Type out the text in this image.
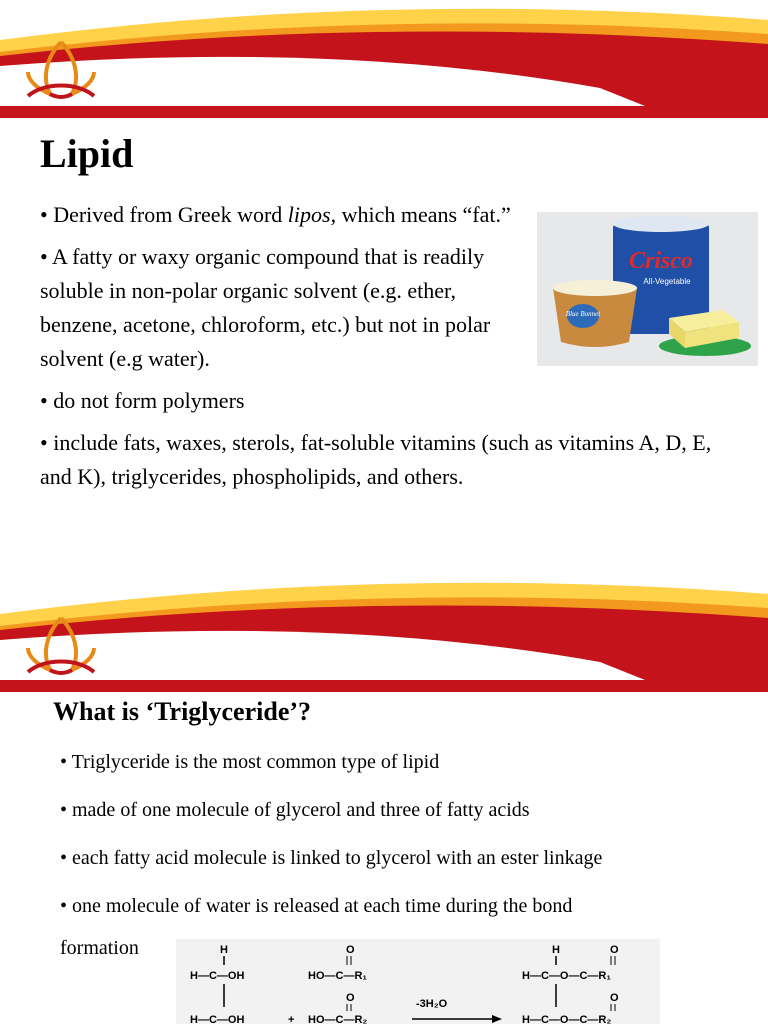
Lipid
• Derived from Greek word lipos, which means “fat.”
• A fatty or waxy organic compound that is readily soluble in non-polar organic solvent (e.g. ether, benzene, acetone, chloroform, etc.) but not in polar solvent (e.g water).
• do not form polymers
• include fats, waxes, sterols, fat-soluble vitamins (such as vitamins A, D, E, and K), triglycerides, phospholipids, and others.
Crisco
All-Vegetable
Blue Bonnet
What is ‘Triglyceride’?
• Triglyceride is the most common type of lipid
• made of one molecule of glycerol and three of fatty acids
• each fatty acid molecule is linked to glycerol with an ester linkage
• one molecule of water is released at each time during the bond
formation	H
H—C—OH
H—C—OH	+
O
HO—C—R₁
O
HO—C—R₂
-3H₂O
H	O
H—C—O—C—R₁
O
H—C—O—C—R₂
